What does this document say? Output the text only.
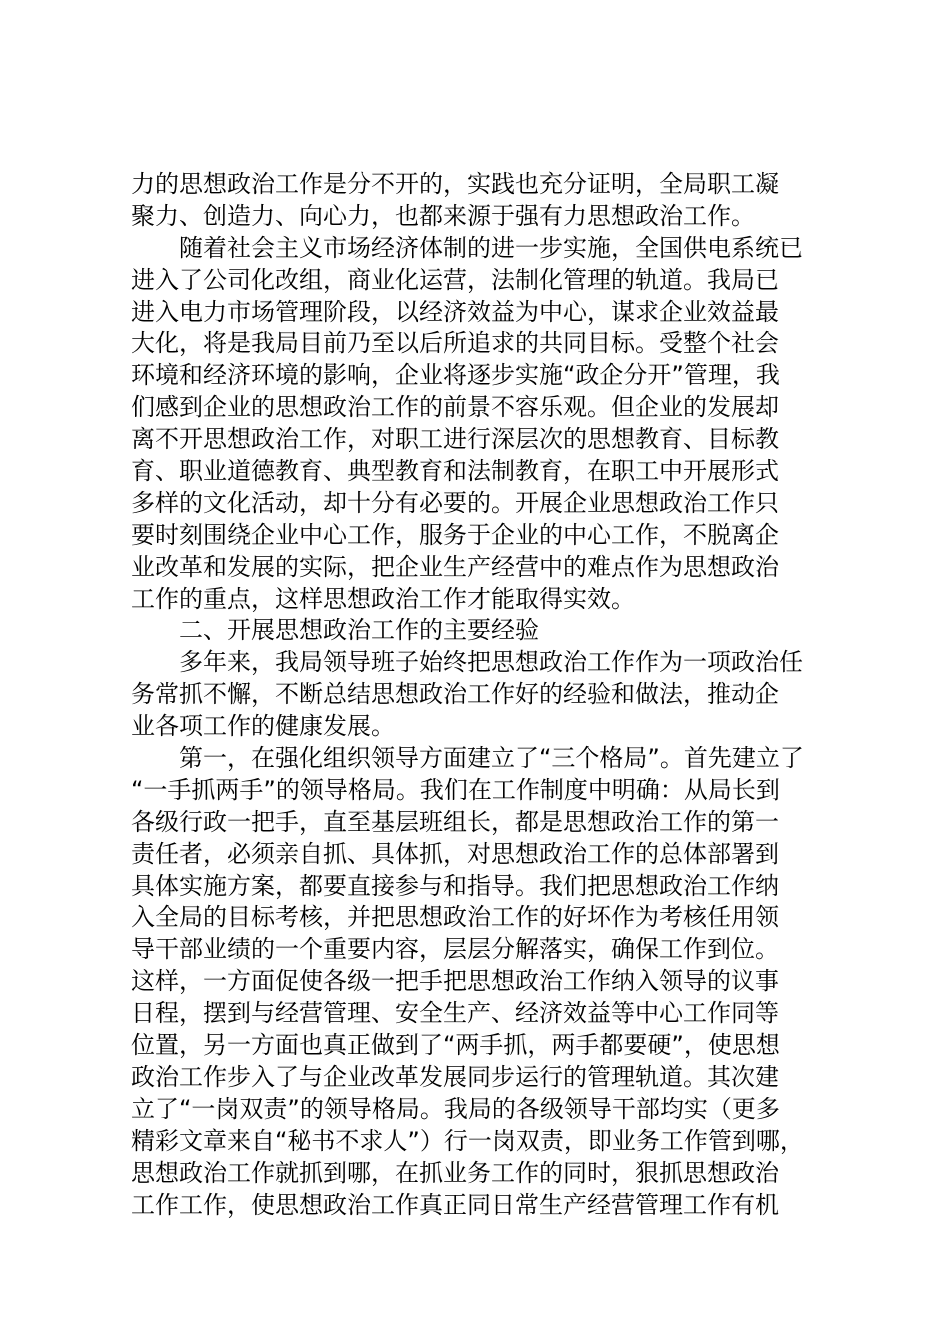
力的思想政治工作是分不开的，实践也充分证明，全局职工凝
聚力、创造力、向心力，也都来源于强有力思想政治工作。
　　随着社会主义市场经济体制的进一步实施，全国供电系统已
进入了公司化改组，商业化运营，法制化管理的轨道。我局已
进入电力市场管理阶段，以经济效益为中心，谋求企业效益最
大化，将是我局目前乃至以后所追求的共同目标。受整个社会
环境和经济环境的影响，企业将逐步实施“政企分开”管理，我
们感到企业的思想政治工作的前景不容乐观。但企业的发展却
离不开思想政治工作，对职工进行深层次的思想教育、目标教
育、职业道德教育、典型教育和法制教育，在职工中开展形式
多样的文化活动，却十分有必要的。开展企业思想政治工作只
要时刻围绕企业中心工作，服务于企业的中心工作，不脱离企
业改革和发展的实际，把企业生产经营中的难点作为思想政治
工作的重点，这样思想政治工作才能取得实效。
　　二、开展思想政治工作的主要经验
　　多年来，我局领导班子始终把思想政治工作作为一项政治任
务常抓不懈，不断总结思想政治工作好的经验和做法，推动企
业各项工作的健康发展。
　　第一，在强化组织领导方面建立了“三个格局”。首先建立了
“一手抓两手”的领导格局。我们在工作制度中明确：从局长到
各级行政一把手，直至基层班组长，都是思想政治工作的第一
责任者，必须亲自抓、具体抓，对思想政治工作的总体部署到
具体实施方案，都要直接参与和指导。我们把思想政治工作纳
入全局的目标考核，并把思想政治工作的好坏作为考核任用领
导干部业绩的一个重要内容，层层分解落实，确保工作到位。
这样，一方面促使各级一把手把思想政治工作纳入领导的议事
日程，摆到与经营管理、安全生产、经济效益等中心工作同等
位置，另一方面也真正做到了“两手抓，两手都要硬”，使思想
政治工作步入了与企业改革发展同步运行的管理轨道。其次建
立了“一岗双责”的领导格局。我局的各级领导干部均实（更多
精彩文章来自“秘书不求人”）行一岗双责，即业务工作管到哪，
思想政治工作就抓到哪，在抓业务工作的同时，狠抓思想政治
工作工作，使思想政治工作真正同日常生产经营管理工作有机
